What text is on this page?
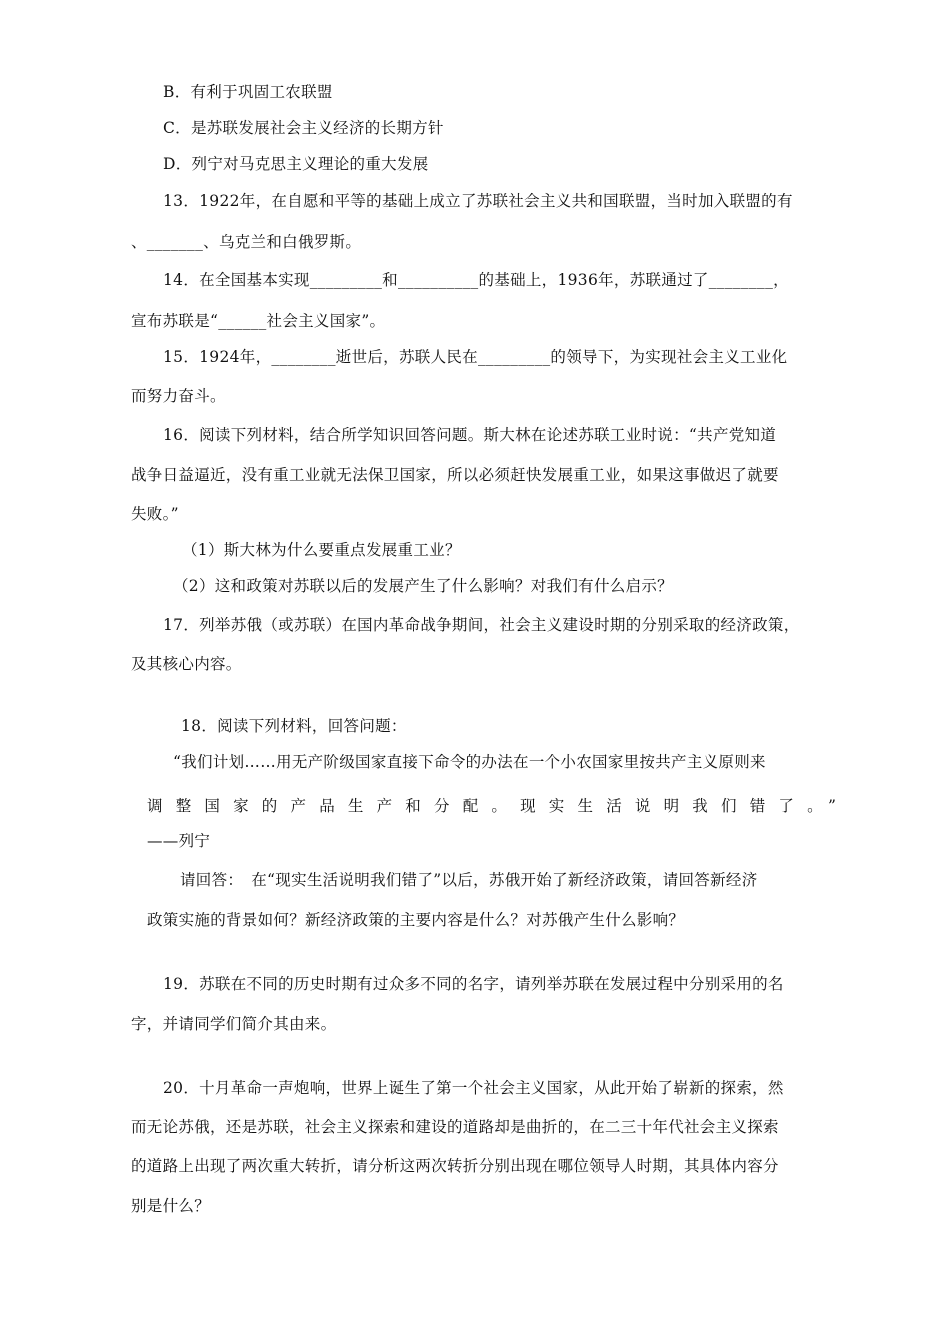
B．有利于巩固工农联盟
C．是苏联发展社会主义经济的长期方针
D．列宁对马克思主义理论的重大发展
13．1922年，在自愿和平等的基础上成立了苏联社会主义共和国联盟，当时加入联盟的有
、_______、乌克兰和白俄罗斯。
14．在全国基本实现_________和__________的基础上，1936年，苏联通过了________，
宣布苏联是“______社会主义国家”。
15．1924年，________逝世后，苏联人民在_________的领导下，为实现社会主义工业化
而努力奋斗。
16．阅读下列材料，结合所学知识回答问题。斯大林在论述苏联工业时说：“共产党知道
战争日益逼近，没有重工业就无法保卫国家，所以必须赶快发展重工业，如果这事做迟了就要
失败。”
（1）斯大林为什么要重点发展重工业？
（2）这和政策对苏联以后的发展产生了什么影响？对我们有什么启示？
17．列举苏俄（或苏联）在国内革命战争期间，社会主义建设时期的分别采取的经济政策，
及其核心内容。
18．阅读下列材料，回答问题：
“我们计划……用无产阶级国家直接下命令的办法在一个小农国家里按共产主义原则来
调整国家的产品生产和分配。现实生活说明我们错了。”
——列宁
请回答：　在“现实生活说明我们错了”以后，苏俄开始了新经济政策，请回答新经济
政策实施的背景如何？新经济政策的主要内容是什么？对苏俄产生什么影响？
19．苏联在不同的历史时期有过众多不同的名字，请列举苏联在发展过程中分别采用的名
字，并请同学们简介其由来。
20．十月革命一声炮响，世界上诞生了第一个社会主义国家，从此开始了崭新的探索，然
而无论苏俄，还是苏联，社会主义探索和建设的道路却是曲折的，在二三十年代社会主义探索
的道路上出现了两次重大转折，请分析这两次转折分别出现在哪位领导人时期，其具体内容分
别是什么？
